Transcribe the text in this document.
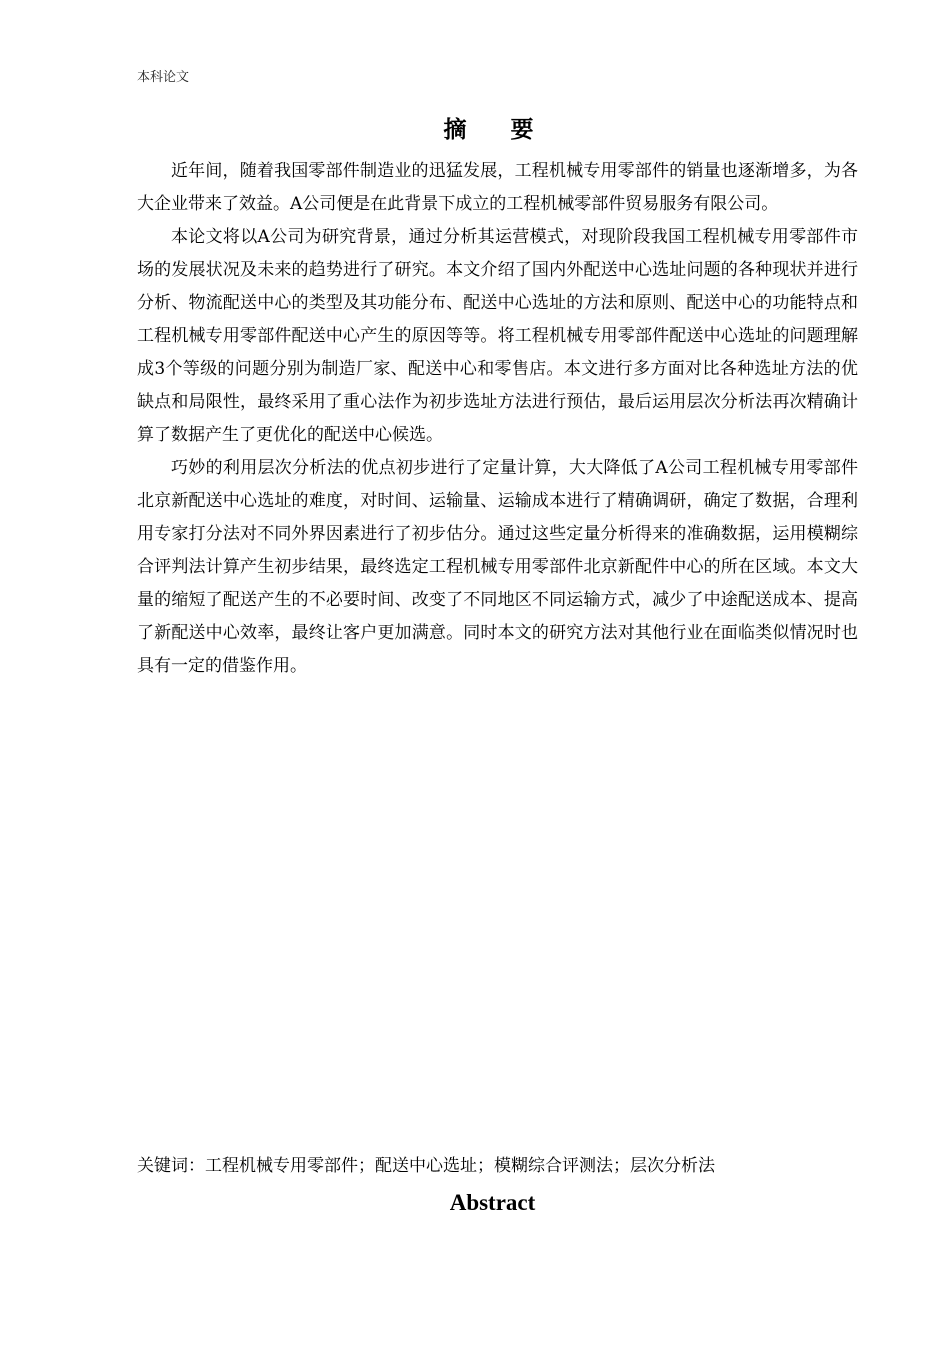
本科论文
摘 要

近年间，随着我国零部件制造业的迅猛发展，工程机械专用零部件的销量也逐渐增多，为各大企业带来了效益。A公司便是在此背景下成立的工程机械零部件贸易服务有限公司。

本论文将以A公司为研究背景，通过分析其运营模式，对现阶段我国工程机械专用零部件市场的发展状况及未来的趋势进行了研究。本文介绍了国内外配送中心选址问题的各种现状并进行分析、物流配送中心的类型及其功能分布、配送中心选址的方法和原则、配送中心的功能特点和工程机械专用零部件配送中心产生的原因等等。将工程机械专用零部件配送中心选址的问题理解成3个等级的问题分别为制造厂家、配送中心和零售店。本文进行多方面对比各种选址方法的优缺点和局限性，最终采用了重心法作为初步选址方法进行预估，最后运用层次分析法再次精确计算了数据产生了更优化的配送中心候选。

巧妙的利用层次分析法的优点初步进行了定量计算，大大降低了A公司工程机械专用零部件北京新配送中心选址的难度，对时间、运输量、运输成本进行了精确调研，确定了数据，合理利用专家打分法对不同外界因素进行了初步估分。通过这些定量分析得来的准确数据，运用模糊综合评判法计算产生初步结果，最终选定工程机械专用零部件北京新配件中心的所在区域。本文大量的缩短了配送产生的不必要时间、改变了不同地区不同运输方式，减少了中途配送成本、提高了新配送中心效率，最终让客户更加满意。同时本文的研究方法对其他行业在面临类似情况时也具有一定的借鉴作用。

关键词：工程机械专用零部件；配送中心选址；模糊综合评测法；层次分析法
Abstract
